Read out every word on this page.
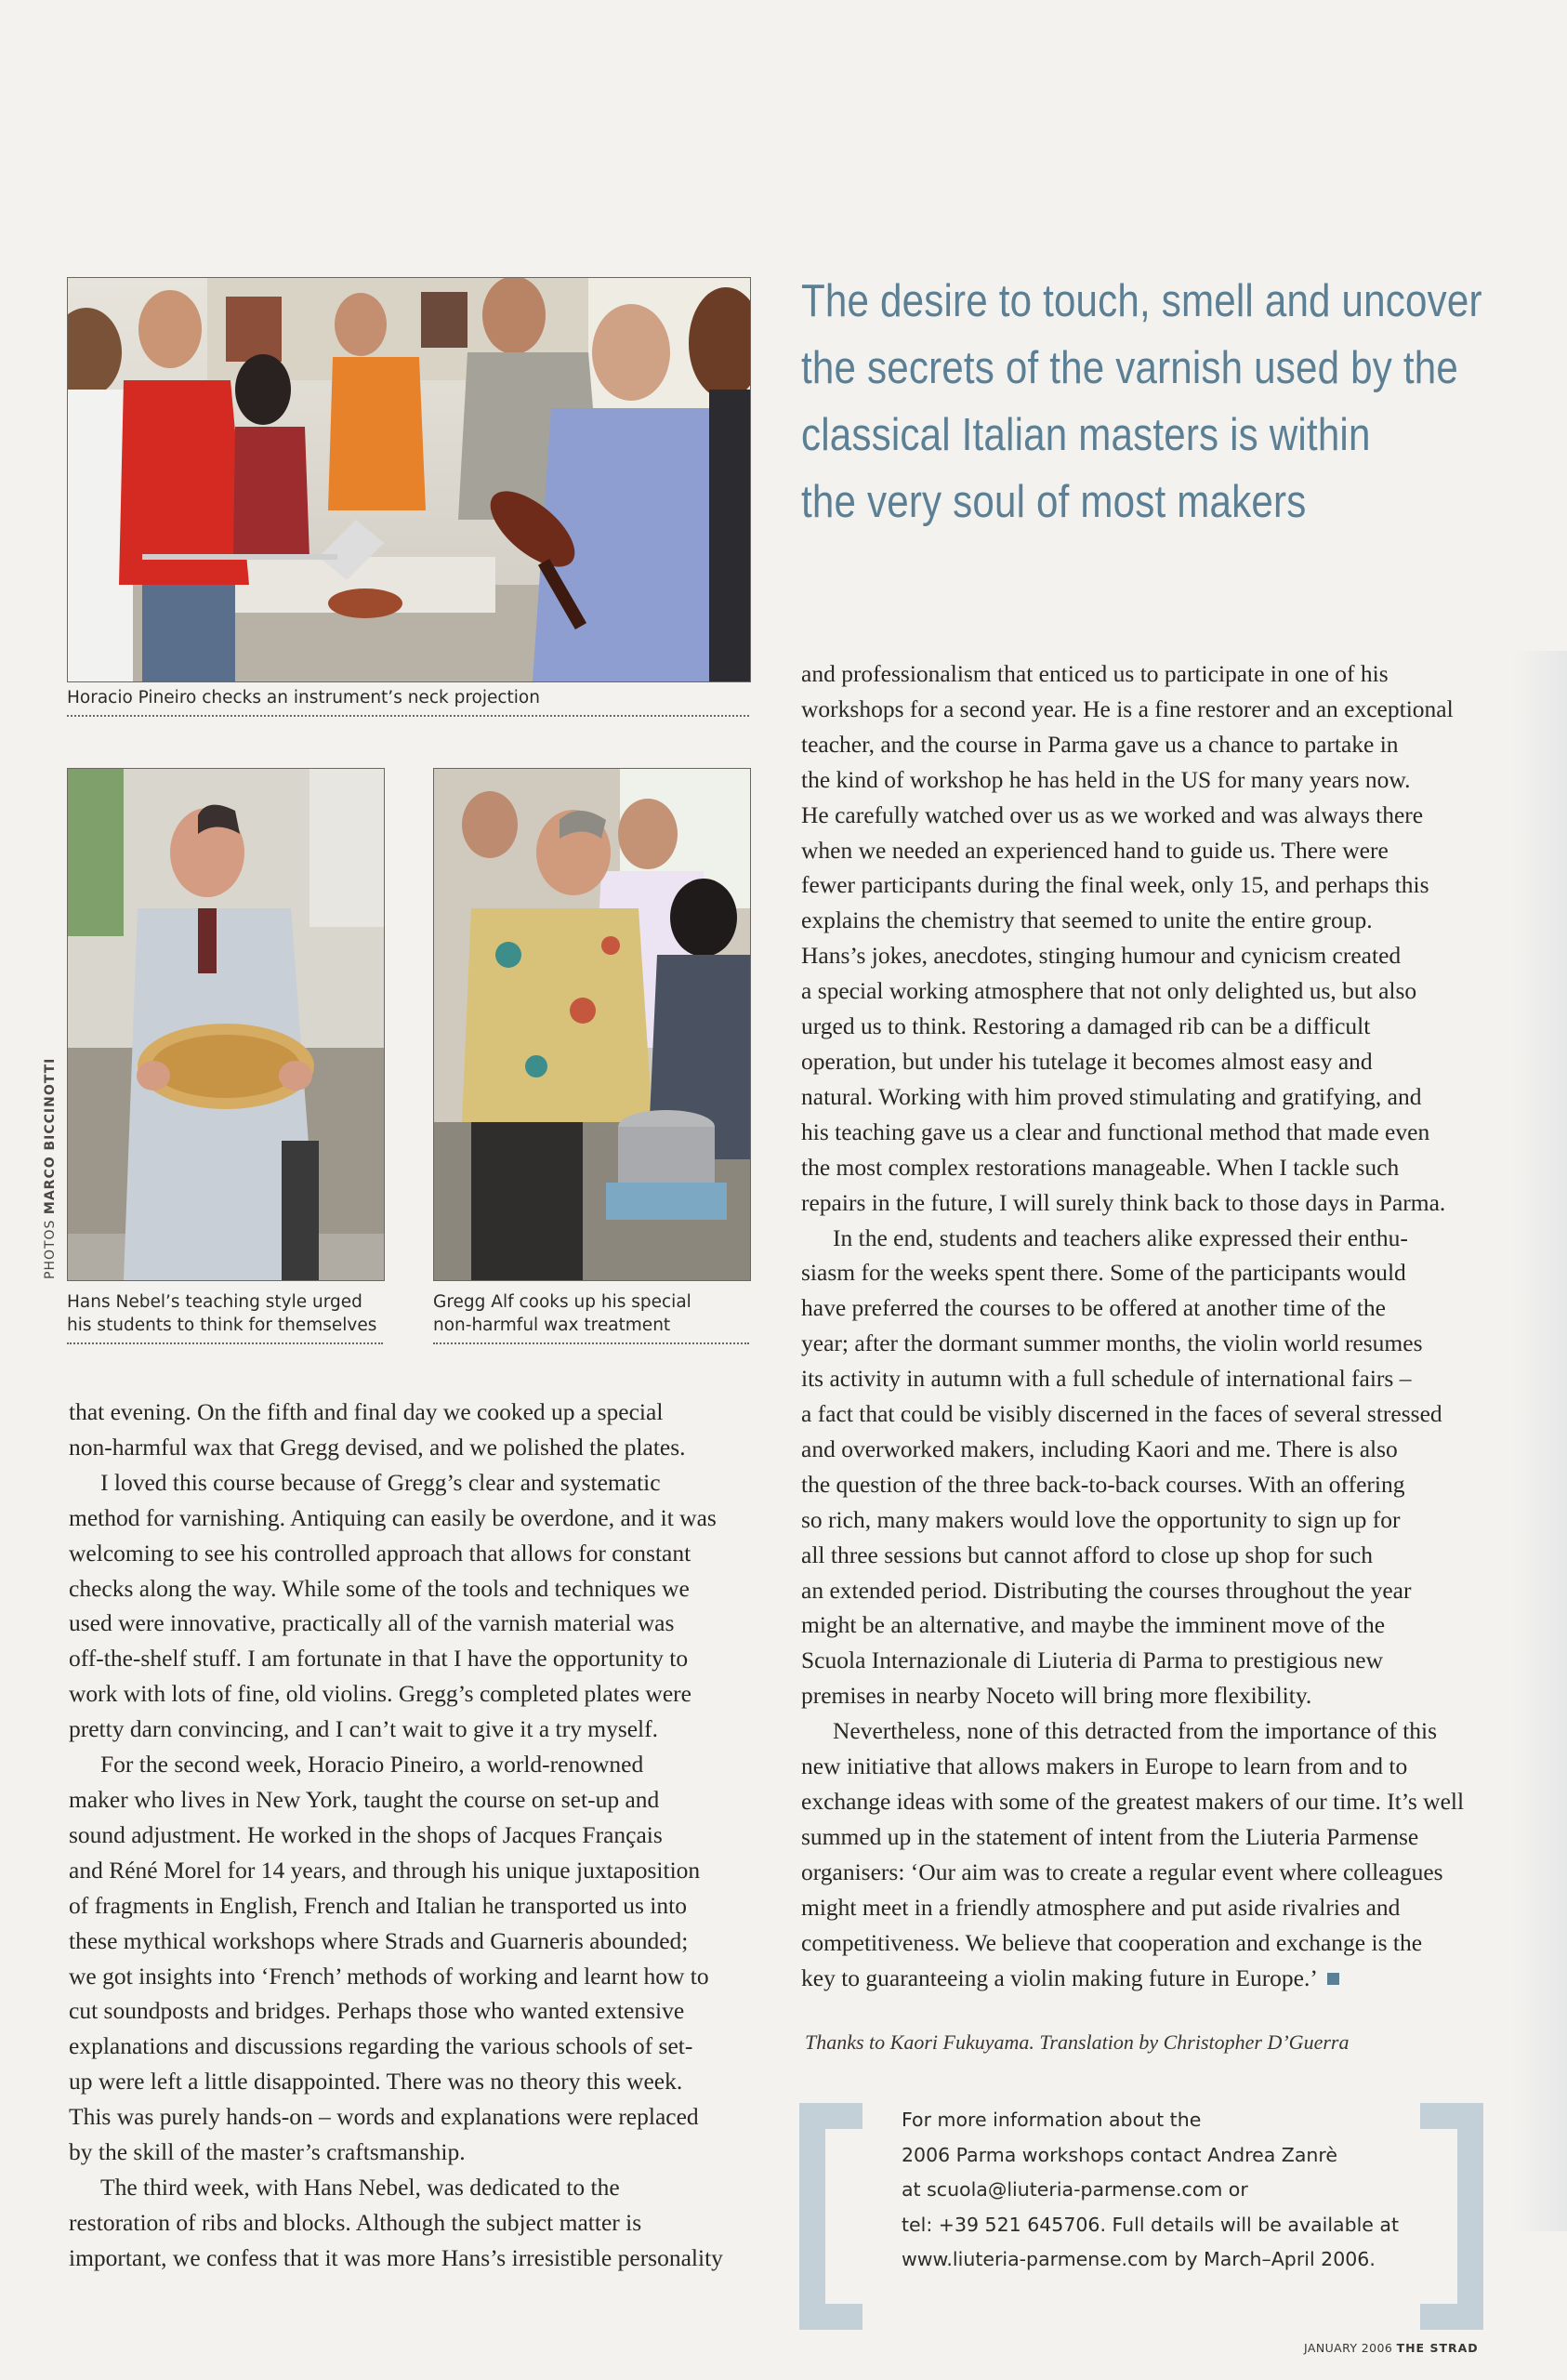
Horacio Pineiro checks an instrument’s neck projection
PHOTOS MARCO BICCINOTTI
Hans Nebel’s teaching style urged
his students to think for themselves
Gregg Alf cooks up his special
non-harmful wax treatment
The desire to touch, smell and uncover
the secrets of the varnish used by the
classical Italian masters is within
the very soul of most makers
that evening. On the fifth and final day we cooked up a special
non-harmful wax that Gregg devised, and we polished the plates.
I loved this course because of Gregg’s clear and systematic
method for varnishing. Antiquing can easily be overdone, and it was
welcoming to see his controlled approach that allows for constant
checks along the way. While some of the tools and techniques we
used were innovative, practically all of the varnish material was
off-the-shelf stuff. I am fortunate in that I have the opportunity to
work with lots of fine, old violins. Gregg’s completed plates were
pretty darn convincing, and I can’t wait to give it a try myself.
For the second week, Horacio Pineiro, a world-renowned
maker who lives in New York, taught the course on set-up and
sound adjustment. He worked in the shops of Jacques Français
and Réné Morel for 14 years, and through his unique juxtaposition
of fragments in English, French and Italian he transported us into
these mythical workshops where Strads and Guarneris abounded;
we got insights into ‘French’ methods of working and learnt how to
cut soundposts and bridges. Perhaps those who wanted extensive
explanations and discussions regarding the various schools of set-
up were left a little disappointed. There was no theory this week.
This was purely hands-on – words and explanations were replaced
by the skill of the master’s craftsmanship.
The third week, with Hans Nebel, was dedicated to the
restoration of ribs and blocks. Although the subject matter is
important, we confess that it was more Hans’s irresistible personality
and professionalism that enticed us to participate in one of his
workshops for a second year. He is a fine restorer and an exceptional
teacher, and the course in Parma gave us a chance to partake in
the kind of workshop he has held in the US for many years now.
He carefully watched over us as we worked and was always there
when we needed an experienced hand to guide us. There were
fewer participants during the final week, only 15, and perhaps this
explains the chemistry that seemed to unite the entire group.
Hans’s jokes, anecdotes, stinging humour and cynicism created
a special working atmosphere that not only delighted us, but also
urged us to think. Restoring a damaged rib can be a difficult
operation, but under his tutelage it becomes almost easy and
natural. Working with him proved stimulating and gratifying, and
his teaching gave us a clear and functional method that made even
the most complex restorations manageable. When I tackle such
repairs in the future, I will surely think back to those days in Parma.
In the end, students and teachers alike expressed their enthu-
siasm for the weeks spent there. Some of the participants would
have preferred the courses to be offered at another time of the
year; after the dormant summer months, the violin world resumes
its activity in autumn with a full schedule of international fairs –
a fact that could be visibly discerned in the faces of several stressed
and overworked makers, including Kaori and me. There is also
the question of the three back-to-back courses. With an offering
so rich, many makers would love the opportunity to sign up for
all three sessions but cannot afford to close up shop for such
an extended period. Distributing the courses throughout the year
might be an alternative, and maybe the imminent move of the
Scuola Internazionale di Liuteria di Parma to prestigious new
premises in nearby Noceto will bring more flexibility.
Nevertheless, none of this detracted from the importance of this
new initiative that allows makers in Europe to learn from and to
exchange ideas with some of the greatest makers of our time. It’s well
summed up in the statement of intent from the Liuteria Parmense
organisers: ‘Our aim was to create a regular event where colleagues
might meet in a friendly atmosphere and put aside rivalries and
competitiveness. We believe that cooperation and exchange is the
key to guaranteeing a violin making future in Europe.’
Thanks to Kaori Fukuyama. Translation by Christopher D’Guerra
For more information about the
2006 Parma workshops contact Andrea Zanrè
at scuola@liuteria-parmense.com or
tel: +39 521 645706. Full details will be available at
www.liuteria-parmense.com by March–April 2006.
JANUARY 2006 THE STRAD
